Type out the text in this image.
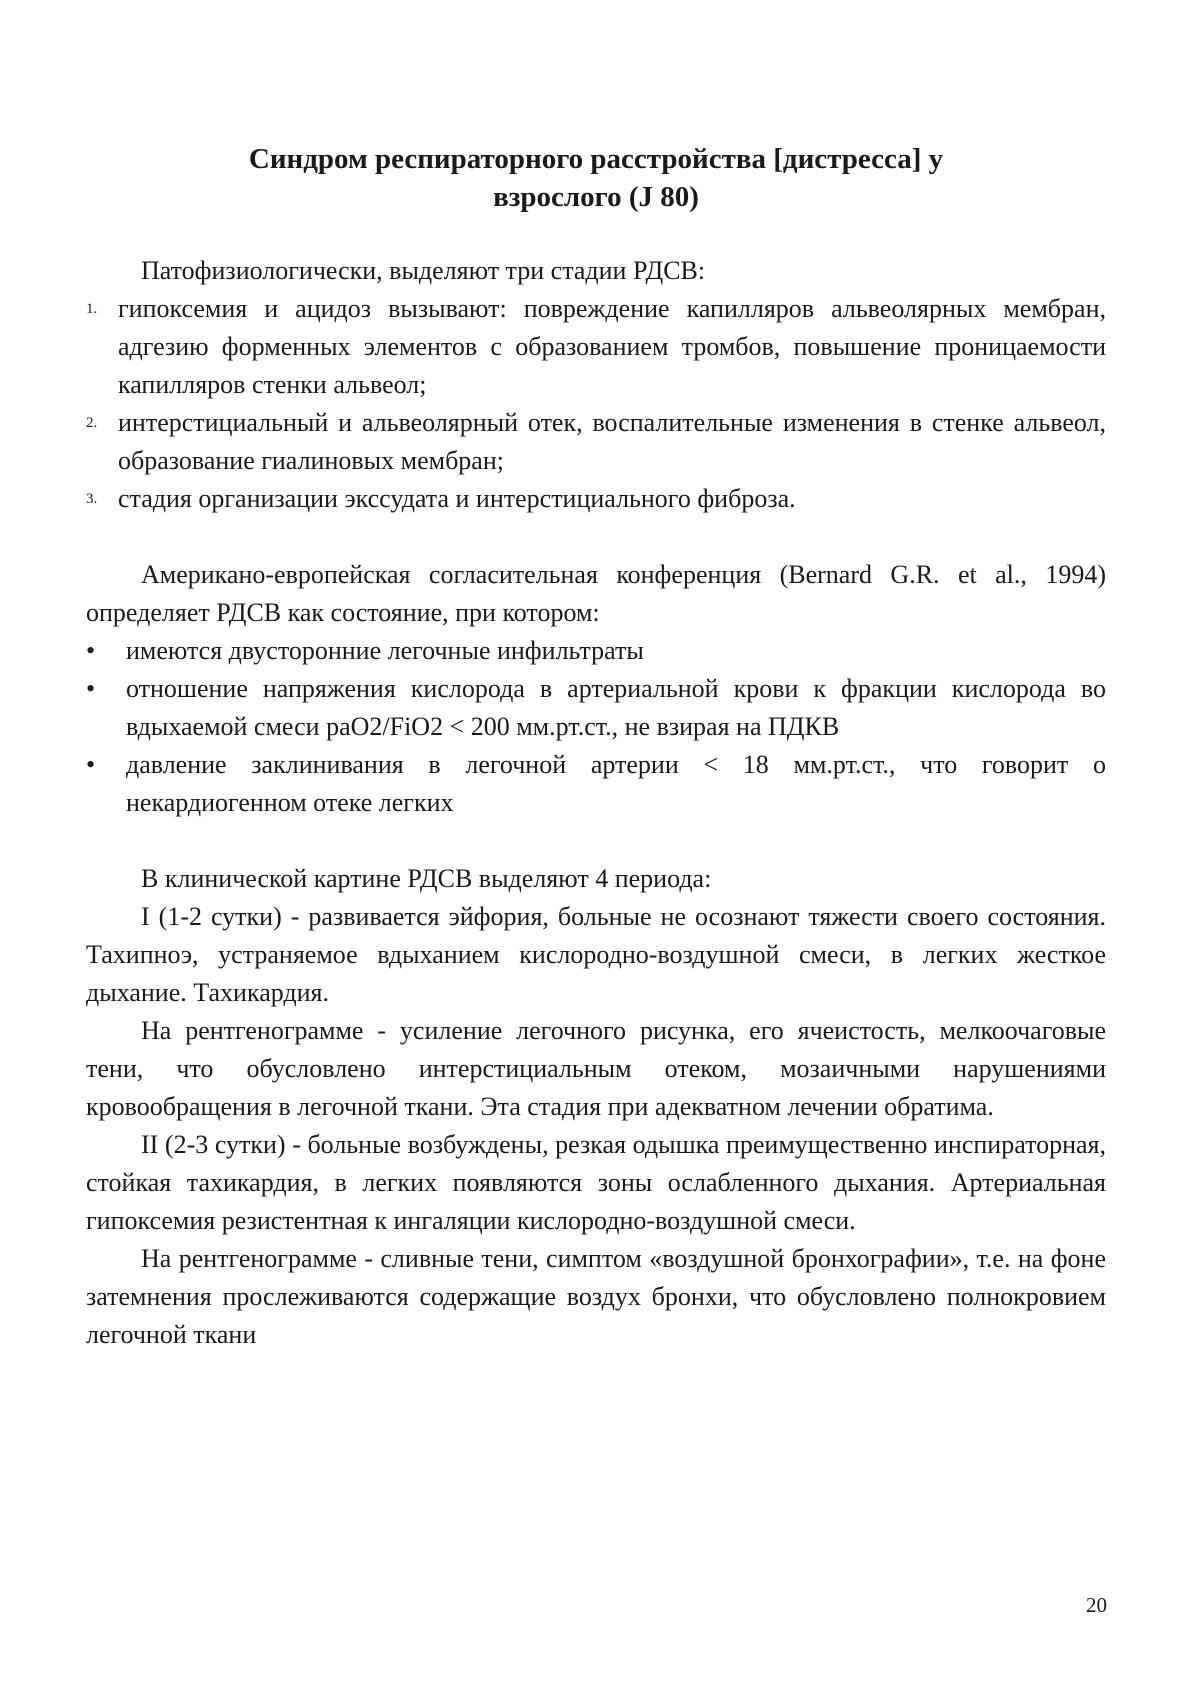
Синдром респираторного расстройства [дистресса] у
взрослого (J 80)

Патофизиологически, выделяют три стадии РДСВ:

1. гипоксемия и ацидоз вызывают: повреждение капилляров альвеолярных мембран, адгезию форменных элементов с образованием тромбов, повышение проницаемости капилляров стенки альвеол;
2. интерстициальный и альвеолярный отек, воспалительные изменения в стенке альвеол, образование гиалиновых мембран;
3. стадия организации экссудата и интерстициального фиброза.

Американо-европейская согласительная конференция (Bernard G.R. et al., 1994) определяет РДСВ как состояние, при котором:

• имеются двусторонние легочные инфильтраты
• отношение напряжения кислорода в артериальной крови к фракции кислорода во вдыхаемой смеси paO2/FiO2 < 200 мм.рт.ст., не взирая на ПДКВ
• давление заклинивания в легочной артерии < 18 мм.рт.ст., что говорит о некардиогенном отеке легких

В клинической картине РДСВ выделяют 4 периода:

I (1-2 сутки) - развивается эйфория, больные не осознают тяжести своего состояния. Тахипноэ, устраняемое вдыханием кислородно-воздушной смеси, в легких жесткое дыхание. Тахикардия.

На рентгенограмме - усиление легочного рисунка, его ячеистость, мелкоочаговые тени, что обусловлено интерстициальным отеком, мозаичными нарушениями кровообращения в легочной ткани. Эта стадия при адекватном лечении обратима.

II (2-3 сутки) - больные возбуждены, резкая одышка преимущественно инспираторная, стойкая тахикардия, в легких появляются зоны ослабленного дыхания. Артериальная гипоксемия резистентная к ингаляции кислородно-воздушной смеси.

На рентгенограмме - сливные тени, симптом «воздушной бронхографии», т.е. на фоне затемнения прослеживаются содержащие воздух бронхи, что обусловлено полнокровием легочной ткани

20
